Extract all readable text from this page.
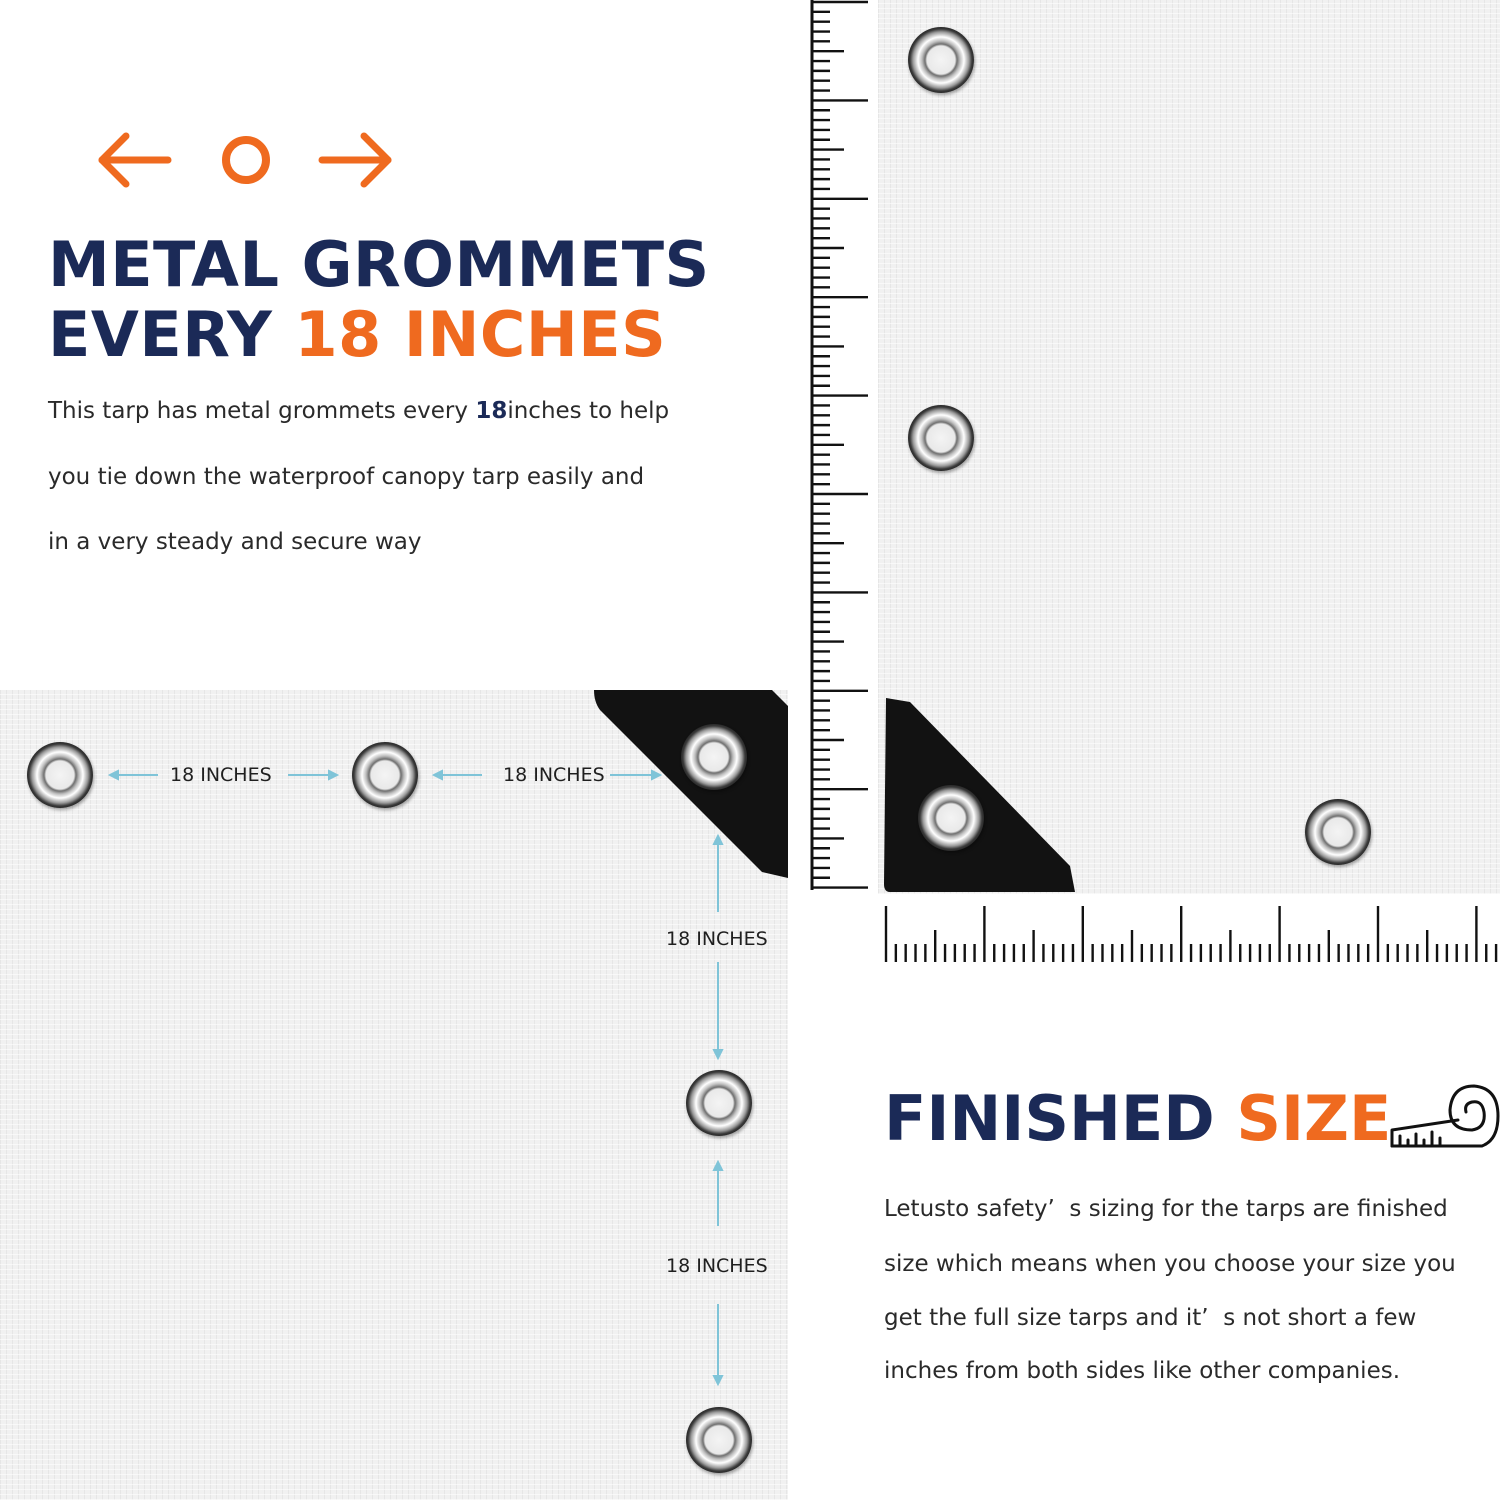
METAL GROMMETS
EVERY 18 INCHES
This tarp has metal grommets every 18inches to help
you tie down the waterproof canopy tarp easily and
in a very steady and secure way
18 INCHES	18 INCHES
18 INCHES
18 INCHES
FINISHED SIZE
Letusto safety’  s sizing for the tarps are finished
size which means when you choose your size you
get the full size tarps and it’  s not short a few
inches from both sides like other companies.
